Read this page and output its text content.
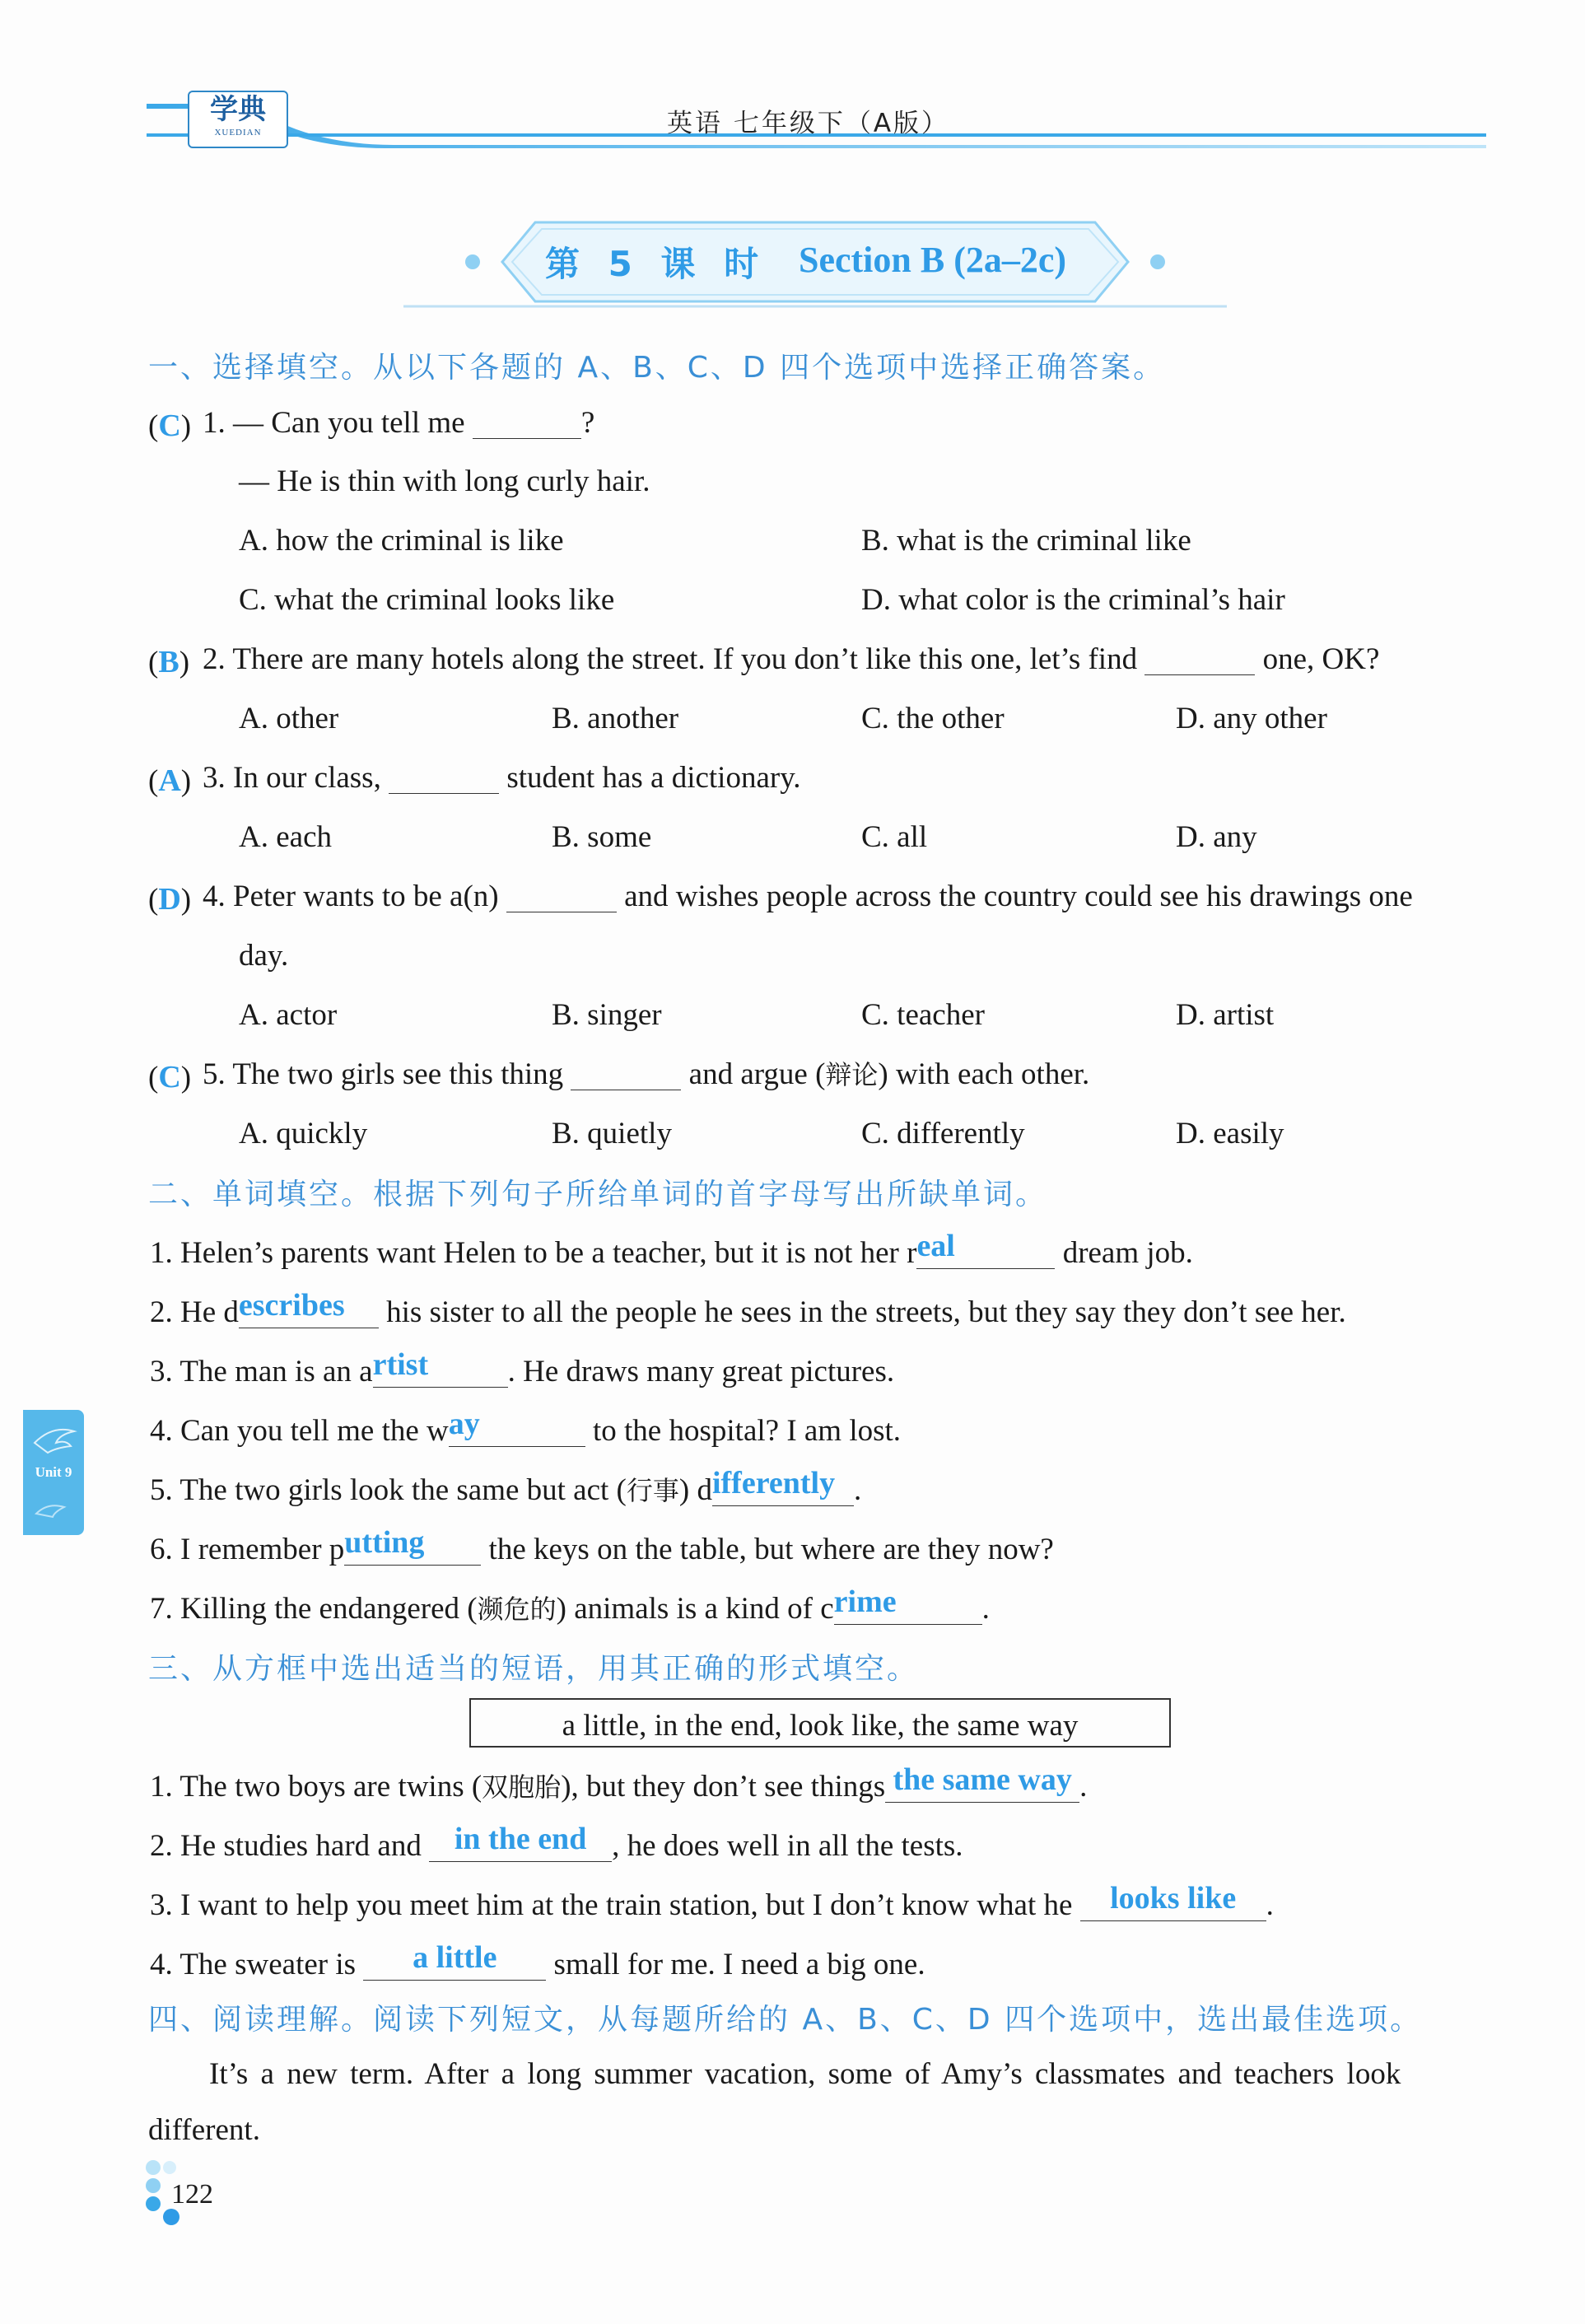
学典
XUEDIAN	英语 七年级下（A版）
第 5 课 时 Section B (2a–2c)
一、选择填空。从以下各题的 A、B、C、D 四个选项中选择正确答案。
(C) 1. — Can you tell me	?
— He is thin with long curly hair.
A. how the criminal is like	B. what is the criminal like
C. what the criminal looks like	D. what color is the criminal’s hair
(B) 2. There are many hotels along the street. If you don’t like this one, let’s find	one, OK?
A. other	B. another	C. the other	D. any other
(A) 3. In our class,	student has a dictionary.
A. each	B. some	C. all	D. any
(D) 4. Peter wants to be a(n)	and wishes people across the country could see his drawings one
day.
A. actor	B. singer	C. teacher	D. artist
(C) 5. The two girls see this thing	and argue (辩论) with each other.
A. quickly	B. quietly	C. differently	D. easily
二、单词填空。根据下列句子所给单词的首字母写出所缺单词。
1. Helen’s parents want Helen to be a teacher, but it is not her real	dream job.
2. He describes his sister to all the people he sees in the streets, but they say they don’t see her.
3. The man is an artist	. He draws many great pictures.
4. Can you tell me the way	to the hospital? I am lost.
5. The two girls look the same but act (行事) differently .
6. I remember putting the keys on the table, but where are they now?
7. Killing the endangered (濒危的) animals is a kind of crime	.
三、从方框中选出适当的短语，用其正确的形式填空。
a little, in the end, look like, the same way
1. The two boys are twins (双胞胎), but they don’t see things the same way .
2. He studies hard and in the end , he does well in all the tests.
3. I want to help you meet him at the train station, but I don’t know what he looks like .
4. The sweater is a little small for me. I need a big one.
四、阅读理解。阅读下列短文，从每题所给的 A、B、C、D 四个选项中，选出最佳选项。
It’s a new term. After a long summer vacation, some of Amy’s classmates and teachers look
different.
Unit 9
122
